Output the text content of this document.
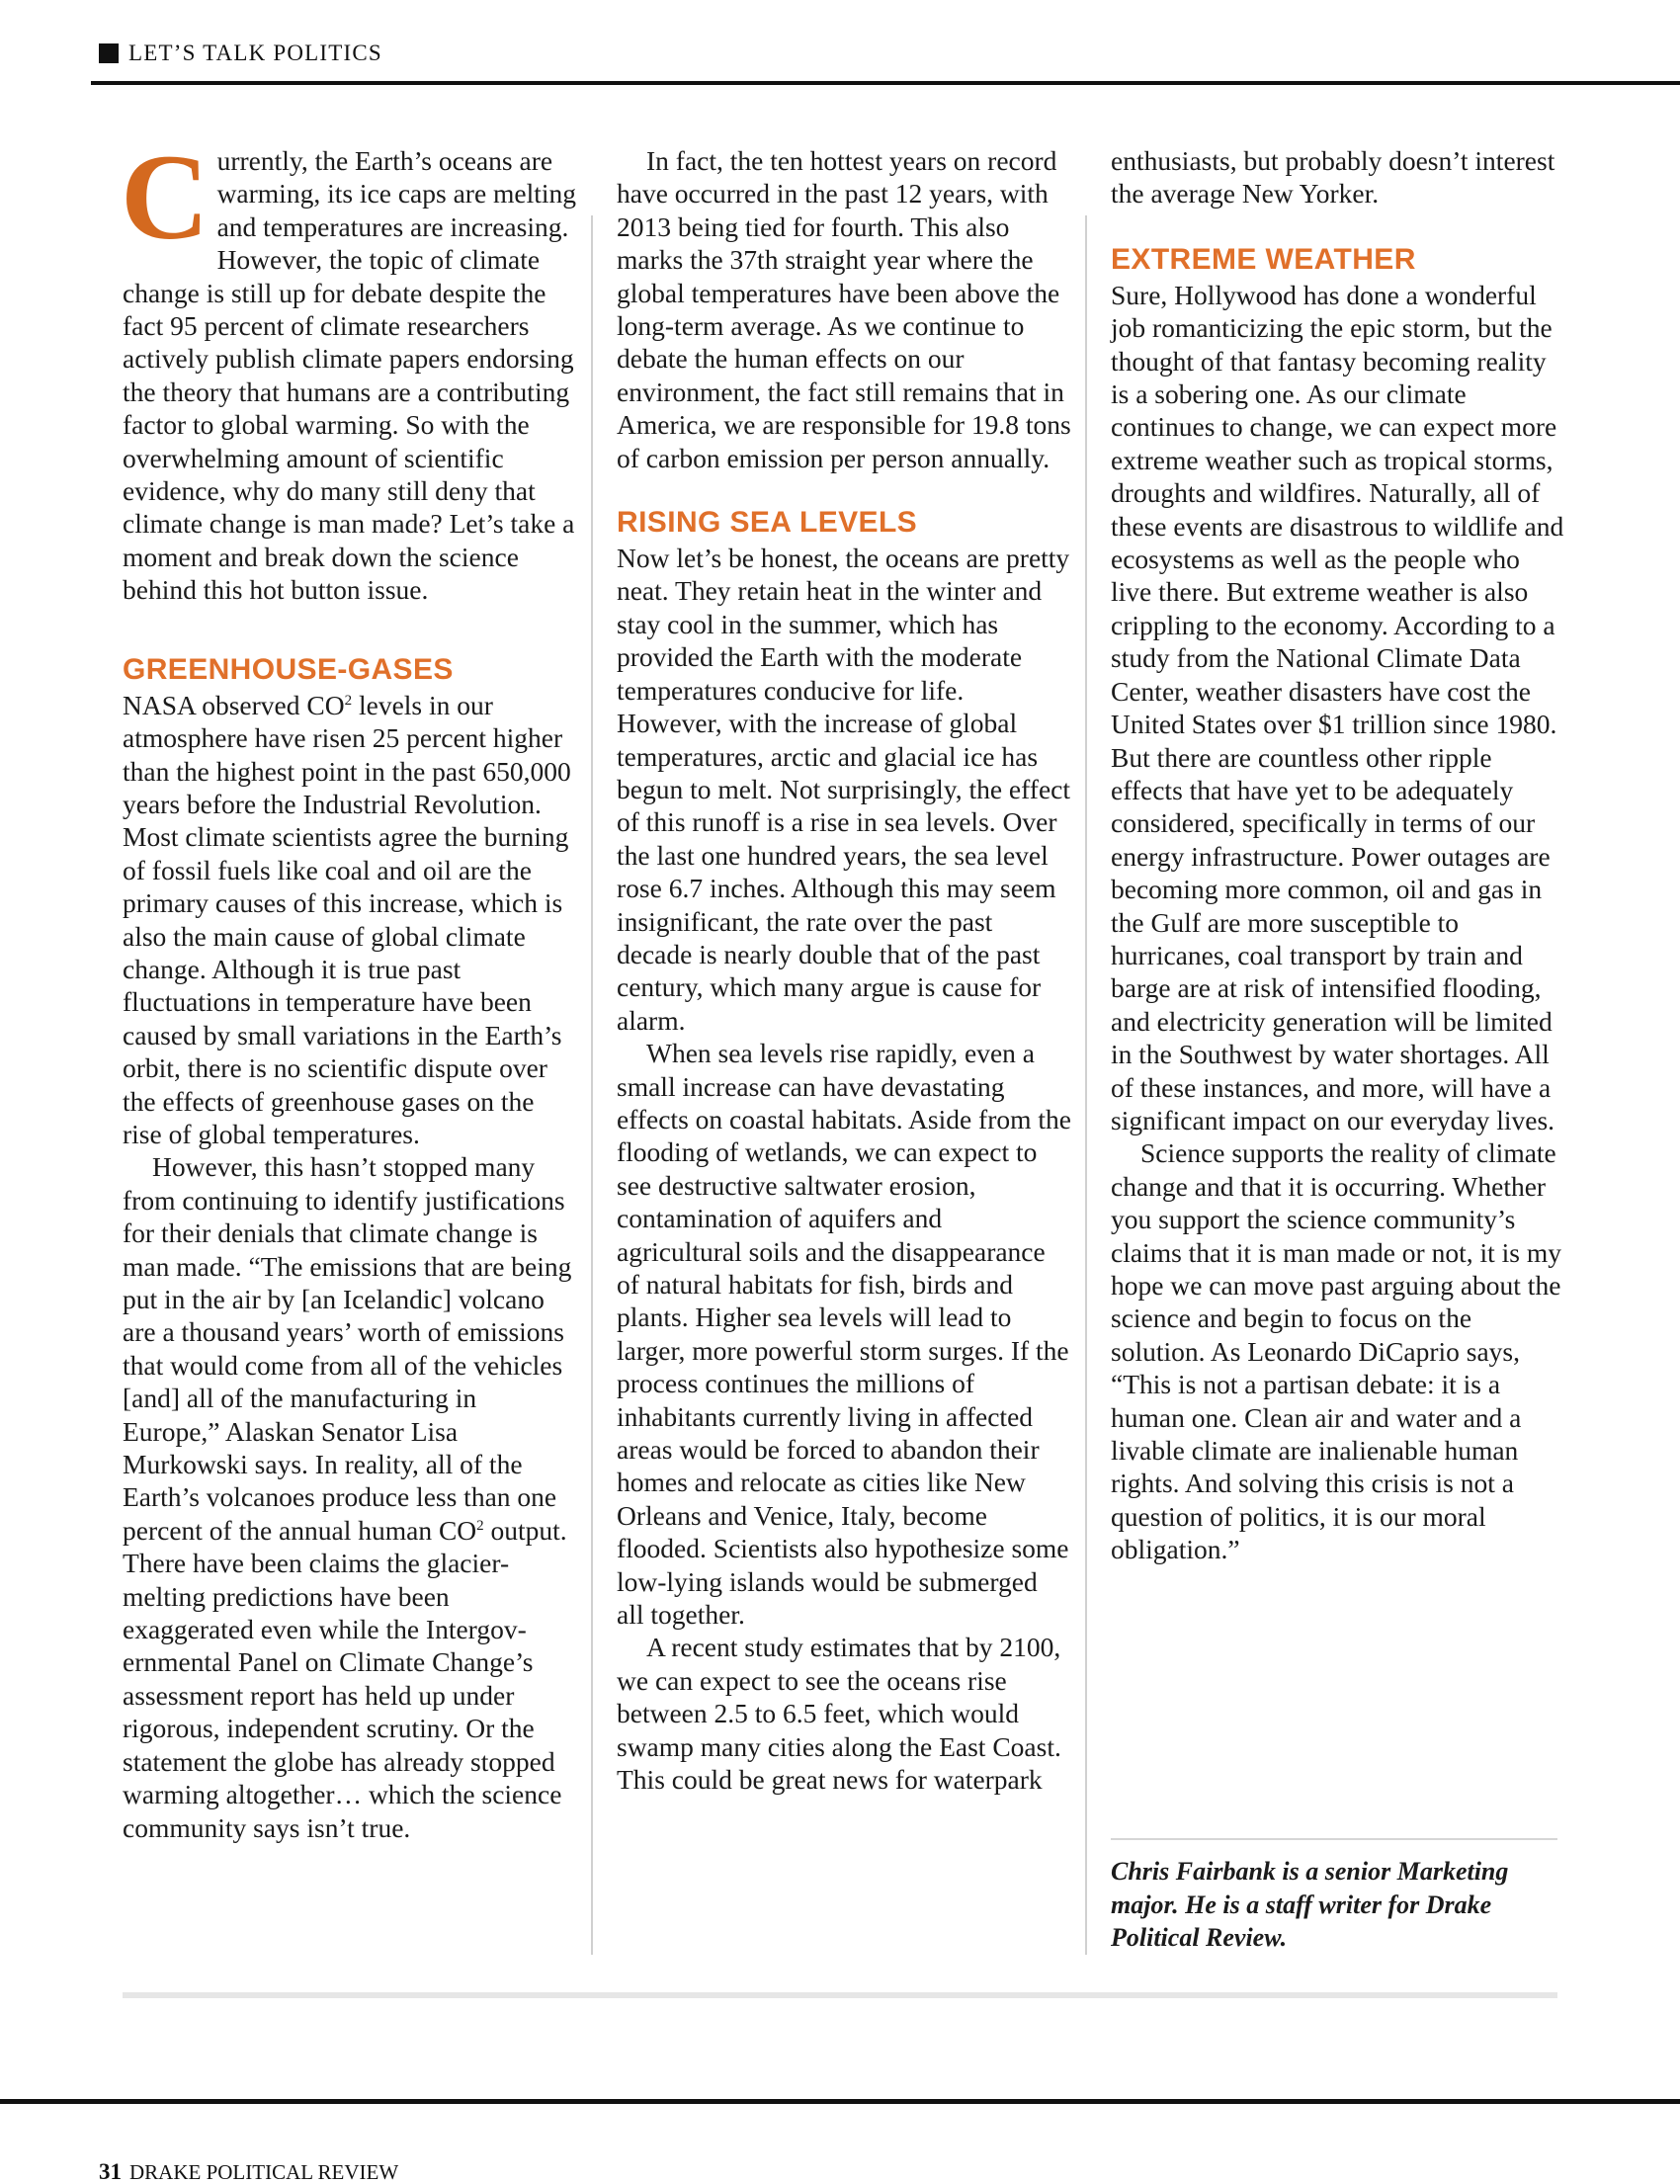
LET’S TALK POLITICS

Currently, the Earth’s oceans are warming, its ice caps are melting and temperatures are increasing. However, the topic of climate change is still up for debate despite the fact 95 percent of climate researchers actively publish climate papers endorsing the theory that humans are a contributing factor to global warming. So with the overwhelming amount of scientific evidence, why do many still deny that climate change is man made? Let’s take a moment and break down the science behind this hot button issue.

GREENHOUSE-GASES

NASA observed $CO^2$ levels in our atmosphere have risen 25 percent higher than the highest point in the past 650,000 years before the Industrial Revolution. Most climate scientists agree the burning of fossil fuels like coal and oil are the primary causes of this increase, which is also the main cause of global climate change. Although it is true past fluctuations in temperature have been caused by small variations in the Earth’s orbit, there is no scientific dispute over the effects of greenhouse gases on the rise of global temperatures.

However, this hasn’t stopped many from continuing to identify justifications for their denials that climate change is man made. “The emissions that are being put in the air by [an Icelandic] volcano are a thousand years’ worth of emissions that would come from all of the vehicles [and] all of the manufacturing in Europe,” Alaskan Senator Lisa Murkowski says. In reality, all of the Earth’s volcanoes produce less than one percent of the annual human $CO^2$ output. There have been claims the glacier-melting predictions have been exaggerated even while the Intergovernmental Panel on Climate Change’s assessment report has held up under rigorous, independent scrutiny. Or the statement the globe has already stopped warming altogether… which the science community says isn’t true.

In fact, the ten hottest years on record have occurred in the past 12 years, with 2013 being tied for fourth. This also marks the 37th straight year where the global temperatures have been above the long-term average. As we continue to debate the human effects on our environment, the fact still remains that in America, we are responsible for 19.8 tons of carbon emission per person annually.

RISING SEA LEVELS

Now let’s be honest, the oceans are pretty neat. They retain heat in the winter and stay cool in the summer, which has provided the Earth with the moderate temperatures conducive for life. However, with the increase of global temperatures, arctic and glacial ice has begun to melt. Not surprisingly, the effect of this runoff is a rise in sea levels. Over the last one hundred years, the sea level rose 6.7 inches. Although this may seem insignificant, the rate over the past decade is nearly double that of the past century, which many argue is cause for alarm.

When sea levels rise rapidly, even a small increase can have devastating effects on coastal habitats. Aside from the flooding of wetlands, we can expect to see destructive saltwater erosion, contamination of aquifers and agricultural soils and the disappearance of natural habitats for fish, birds and plants. Higher sea levels will lead to larger, more powerful storm surges. If the process continues the millions of inhabitants currently living in affected areas would be forced to abandon their homes and relocate as cities like New Orleans and Venice, Italy, become flooded. Scientists also hypothesize some low-lying islands would be submerged all together.

A recent study estimates that by 2100, we can expect to see the oceans rise between 2.5 to 6.5 feet, which would swamp many cities along the East Coast. This could be great news for waterpark

enthusiasts, but probably doesn’t interest the average New Yorker.

EXTREME WEATHER

Sure, Hollywood has done a wonderful job romanticizing the epic storm, but the thought of that fantasy becoming reality is a sobering one. As our climate continues to change, we can expect more extreme weather such as tropical storms, droughts and wildfires. Naturally, all of these events are disastrous to wildlife and ecosystems as well as the people who live there. But extreme weather is also crippling to the economy. According to a study from the National Climate Data Center, weather disasters have cost the United States over $1 trillion since 1980. But there are countless other ripple effects that have yet to be adequately considered, specifically in terms of our energy infrastructure. Power outages are becoming more common, oil and gas in the Gulf are more susceptible to hurricanes, coal transport by train and barge are at risk of intensified flooding, and electricity generation will be limited in the Southwest by water shortages. All of these instances, and more, will have a significant impact on our everyday lives.

Science supports the reality of climate change and that it is occurring. Whether you support the science community’s claims that it is man made or not, it is my hope we can move past arguing about the science and begin to focus on the solution. As Leonardo DiCaprio says, “This is not a partisan debate: it is a human one. Clean air and water and a livable climate are inalienable human rights. And solving this crisis is not a question of politics, it is our moral obligation.”

Chris Fairbank is a senior Marketing major. He is a staff writer for Drake Political Review.
31 DRAKE POLITICAL REVIEW
